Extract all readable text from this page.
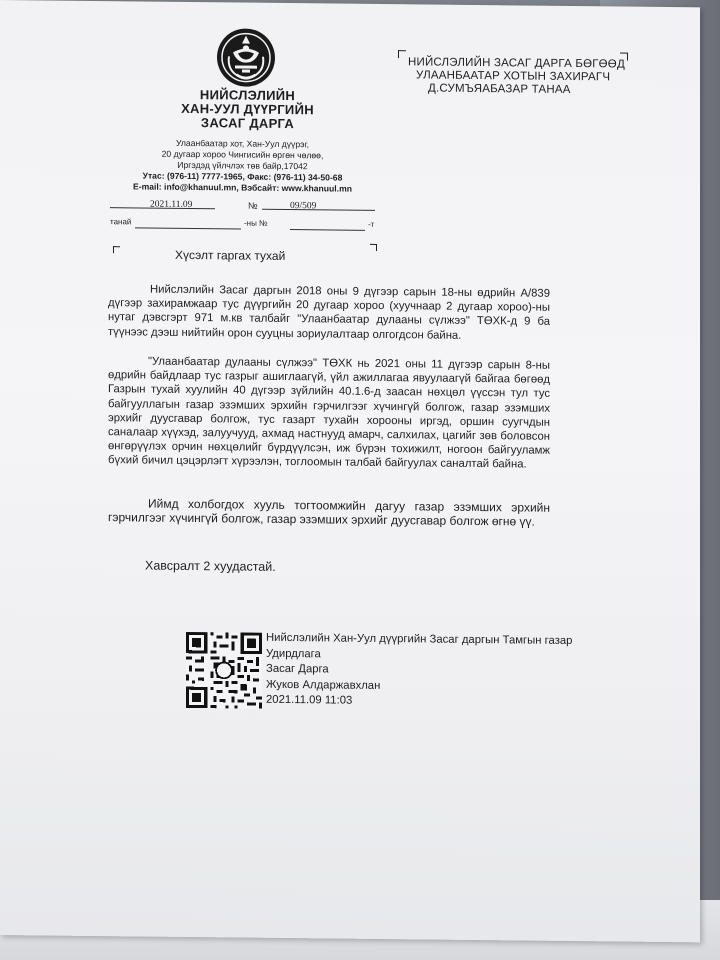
НИЙСЛЭЛИЙН
ХАН-УУЛ ДҮҮРГИЙН
ЗАСАГ ДАРГА
Улаанбаатар хот, Хан-Уул дүүрэг,
20 дугаар хороо Чингисийн өргөн чөлөө,
Иргэдэд үйлчлэх төв байр,17042
Утас: (976-11) 7777-1965, Факс: (976-11) 34-50-68
E-mail: info@khanuul.mn, Вэбсайт: www.khanuul.mn
2021.11.09	№	09/509
танай	-ны №	-т
НИЙСЛЭЛИЙН ЗАСАГ ДАРГА БӨГӨӨД
УЛААНБААТАР ХОТЫН ЗАХИРАГЧ
Д.СУМЪЯАБАЗАР ТАНАА
Хүсэлт гаргах тухай
Нийслэлийн Засаг даргын 2018 оны 9 дүгээр сарын 18-ны өдрийн А/839 дүгээр захирамжаар тус дүүргийн 20 дугаар хороо (хуучнаар 2 дугаар хороо)-ны нутаг дэвсгэрт 971 м.кв талбайг "Улаанбаатар дулааны сүлжээ" ТӨХК-д 9 ба түүнээс дээш нийтийн орон сууцны зориулалтаар олгогдсон байна.
"Улаанбаатар дулааны сүлжээ" ТӨХК нь 2021 оны 11 дүгээр сарын 8-ны өдрийн байдлаар тус газрыг ашиглаагүй, үйл ажиллагаа явуулаагүй байгаа бөгөөд Газрын тухай хуулийн 40 дүгээр зүйлийн 40.1.6-д заасан нөхцөл үүссэн тул тус байгууллагын газар эзэмших эрхийн гэрчилгээг хүчингүй болгож, газар эзэмших эрхийг дуусгавар болгож, тус газарт тухайн хорооны иргэд, оршин суугчдын саналаар хүүхэд, залуучууд, ахмад настнууд амарч, салхилах, цагийг зөв боловсон өнгөрүүлэх орчин нөхцөлийг бүрдүүлсэн, иж бүрэн тохижилт, ногоон байгууламж бүхий бичил цэцэрлэгт хүрээлэн, тоглоомын талбай байгуулах саналтай байна.
Иймд холбогдох хууль тогтоомжийн дагуу газар эзэмших эрхийн гэрчилгээг хүчингүй болгож, газар эзэмших эрхийг дуусгавар болгож өгнө үү.
Хавсралт 2 хуудастай.
Нийслэлийн Хан-Уул дүүргийн Засаг даргын Тамгын газар
Удирдлага
Засаг Дарга
Жуков Алдаржавхлан
2021.11.09 11:03
